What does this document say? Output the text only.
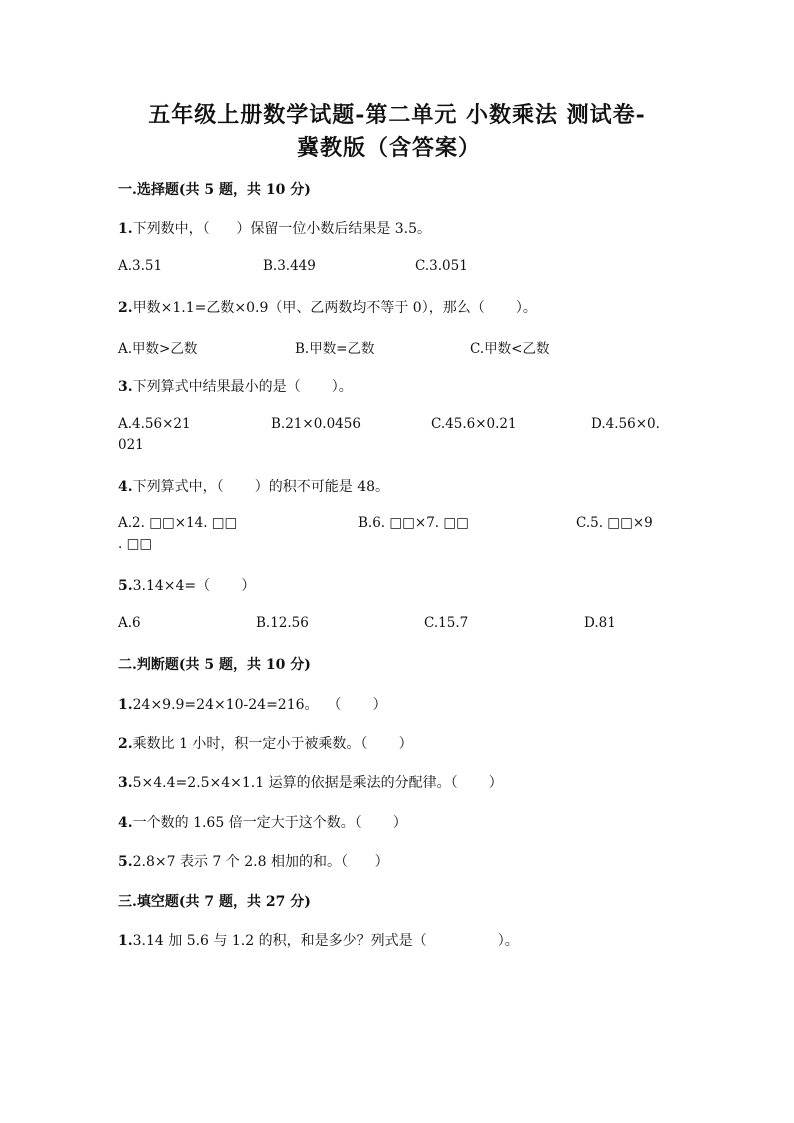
五年级上册数学试题-第二单元 小数乘法 测试卷-
冀教版（含答案）
一.选择题(共 5 题，共 10 分)
1.下列数中，（      ）保留一位小数后结果是 3.5。
A.3.51	B.3.449	C.3.051
2.甲数×1.1=乙数×0.9（甲、乙两数均不等于 0），那么（       ）。
A.甲数>乙数	B.甲数=乙数	C.甲数<乙数
3.下列算式中结果最小的是（       ）。
A.4.56×21	B.21×0.0456	C.45.6×0.21	D.4.56×0.
021
4.下列算式中，（       ）的积不可能是 48。
A.2. □□×14. □□	B.6. □□×7. □□	C.5. □□×9
. □□
5.3.14×4=（       ）
A.6	B.12.56	C.15.7	D.81
二.判断题(共 5 题，共 10 分)
1.24×9.9=24×10-24=216。  （       ）
2.乘数比 1 小时，积一定小于被乘数。（       ）
3.5×4.4=2.5×4×1.1 运算的依据是乘法的分配律。（       ）
4.一个数的 1.65 倍一定大于这个数。（       ）
5.2.8×7 表示 7 个 2.8 相加的和。（      ）
三.填空题(共 7 题，共 27 分)
1.3.14 加 5.6 与 1.2 的积，和是多少？列式是（                ）。
